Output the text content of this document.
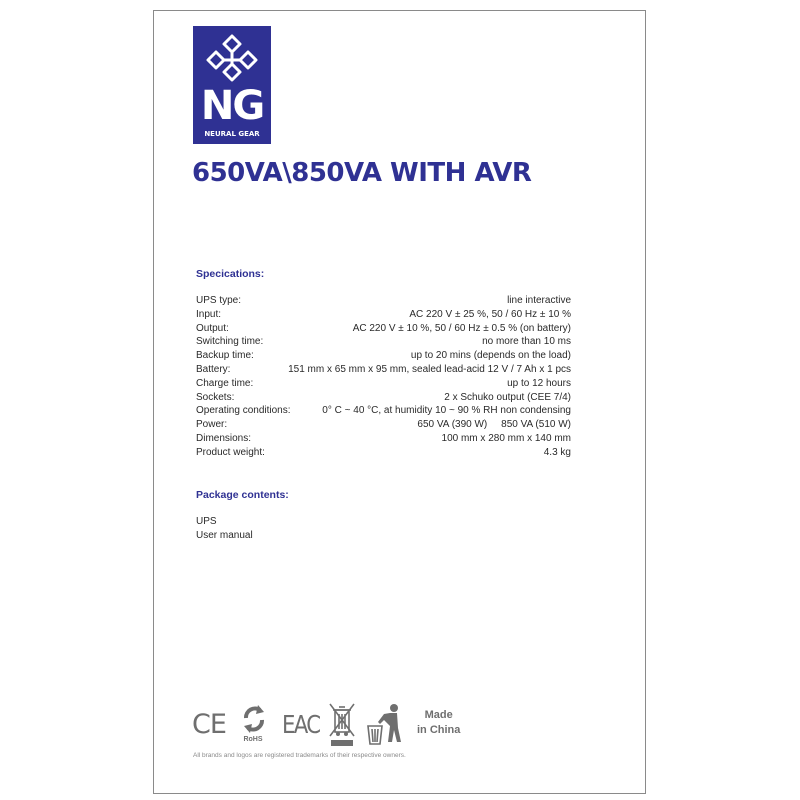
NG
NEURAL GEAR
650VA\850VA WITH AVR
Specications:
UPS type:	line interactive
Input:	AC 220 V ± 25 %, 50 / 60 Hz ± 10 %
Output:	AC 220 V ± 10 %, 50 / 60 Hz ± 0.5 % (on battery)
Switching time:	no more than 10 ms
Backup time:	up to 20 mins (depends on the load)
Battery:	151 mm x 65 mm x 95 mm, sealed lead-acid 12 V / 7 Ah x 1 pcs
Charge time:	up to 12 hours
Sockets:	2 x Schuko output (CEE 7/4)
Operating conditions:	0° C ~ 40 °C, at humidity 10 ~ 90 % RH non condensing
Power:	650 VA (390 W)     850 VA (510 W)
Dimensions:	100 mm x 280 mm x 140 mm
Product weight:	4.3 kg
Package contents:
UPS
User manual
CE	RoHS
EAC	Made
in China
All brands and logos are registered trademarks of their respective owners.
